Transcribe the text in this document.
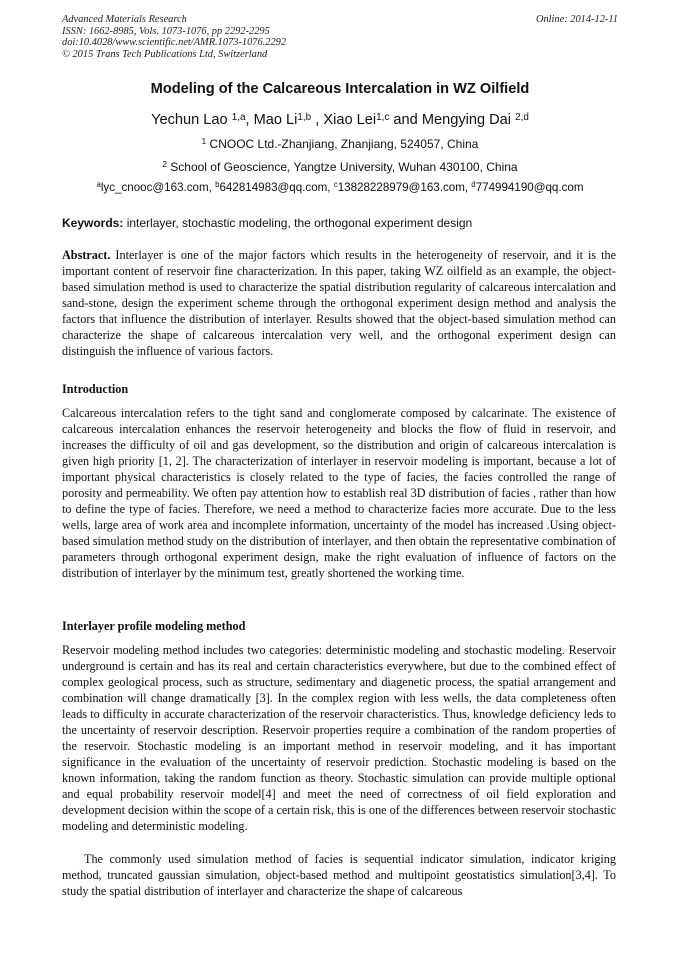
Advanced Materials Research
ISSN: 1662-8985, Vols. 1073-1076, pp 2292-2295
doi:10.4028/www.scientific.net/AMR.1073-1076.2292
© 2015 Trans Tech Publications Ltd, Switzerland
Online: 2014-12-11
Modeling of the Calcareous Intercalation in WZ Oilfield
Yechun Lao $^{1,a}$, Mao Li$^{1,b}$ , Xiao Lei$^{1,c}$ and Mengying Dai $^{2,d}$
$^1$ CNOOC Ltd.-Zhanjiang, Zhanjiang, 524057, China
$^2$ School of Geoscience, Yangtze University, Wuhan 430100, China
$^a$lyc_cnooc@163.com, $^b$642814983@qq.com, $^c$13828228979@163.com, $^d$774994190@qq.com
Keywords: interlayer, stochastic modeling, the orthogonal experiment design
Abstract. Interlayer is one of the major factors which results in the heterogeneity of reservoir, and it is the important content of reservoir fine characterization. In this paper, taking WZ oilfield as an example, the object-based simulation method is used to characterize the spatial distribution regularity of calcareous intercalation and sand-stone, design the experiment scheme through the orthogonal experiment design method and analysis the factors that influence the distribution of interlayer. Results showed that the object-based simulation method can characterize the shape of calcareous intercalation very well, and the orthogonal experiment design can distinguish the influence of various factors.
Introduction
Calcareous intercalation refers to the tight sand and conglomerate composed by calcarinate. The existence of calcareous intercalation enhances the reservoir heterogeneity and blocks the flow of fluid in reservoir, and increases the difficulty of oil and gas development, so the distribution and origin of calcareous intercalation is given high priority [1, 2]. The characterization of interlayer in reservoir modeling is important, because a lot of important physical characteristics is closely related to the type of facies, the facies controlled the range of porosity and permeability. We often pay attention how to establish real 3D distribution of facies , rather than how to define the type of facies. Therefore, we need a method to characterize facies more accurate. Due to the less wells, large area of work area and incomplete information, uncertainty of the model has increased .Using object-based simulation method study on the distribution of interlayer, and then obtain the representative combination of parameters through orthogonal experiment design, make the right evaluation of influence of factors on the distribution of interlayer by the minimum test, greatly shortened the working time.
Interlayer profile modeling method
Reservoir modeling method includes two categories: deterministic modeling and stochastic modeling. Reservoir underground is certain and has its real and certain characteristics everywhere, but due to the combined effect of complex geological process, such as structure, sedimentary and diagenetic process, the spatial arrangement and combination will change dramatically [3]. In the complex region with less wells, the data completeness often leads to difficulty in accurate characterization of the reservoir characteristics. Thus, knowledge deficiency leds to the uncertainty of reservoir description. Reservoir properties require a combination of the random properties of the reservoir. Stochastic modeling is an important method in reservoir modeling, and it has important significance in the evaluation of the uncertainty of reservoir prediction. Stochastic modeling is based on the known information, taking the random function as theory. Stochastic simulation can provide multiple optional and equal probability reservoir model[4] and meet the need of correctness of oil field exploration and development decision within the scope of a certain risk, this is one of the differences between reservoir stochastic modeling and deterministic modeling.
The commonly used simulation method of facies is sequential indicator simulation, indicator kriging method, truncated gaussian simulation, object-based method and multipoint geostatistics simulation[3,4]. To study the spatial distribution of interlayer and characterize the shape of calcareous
